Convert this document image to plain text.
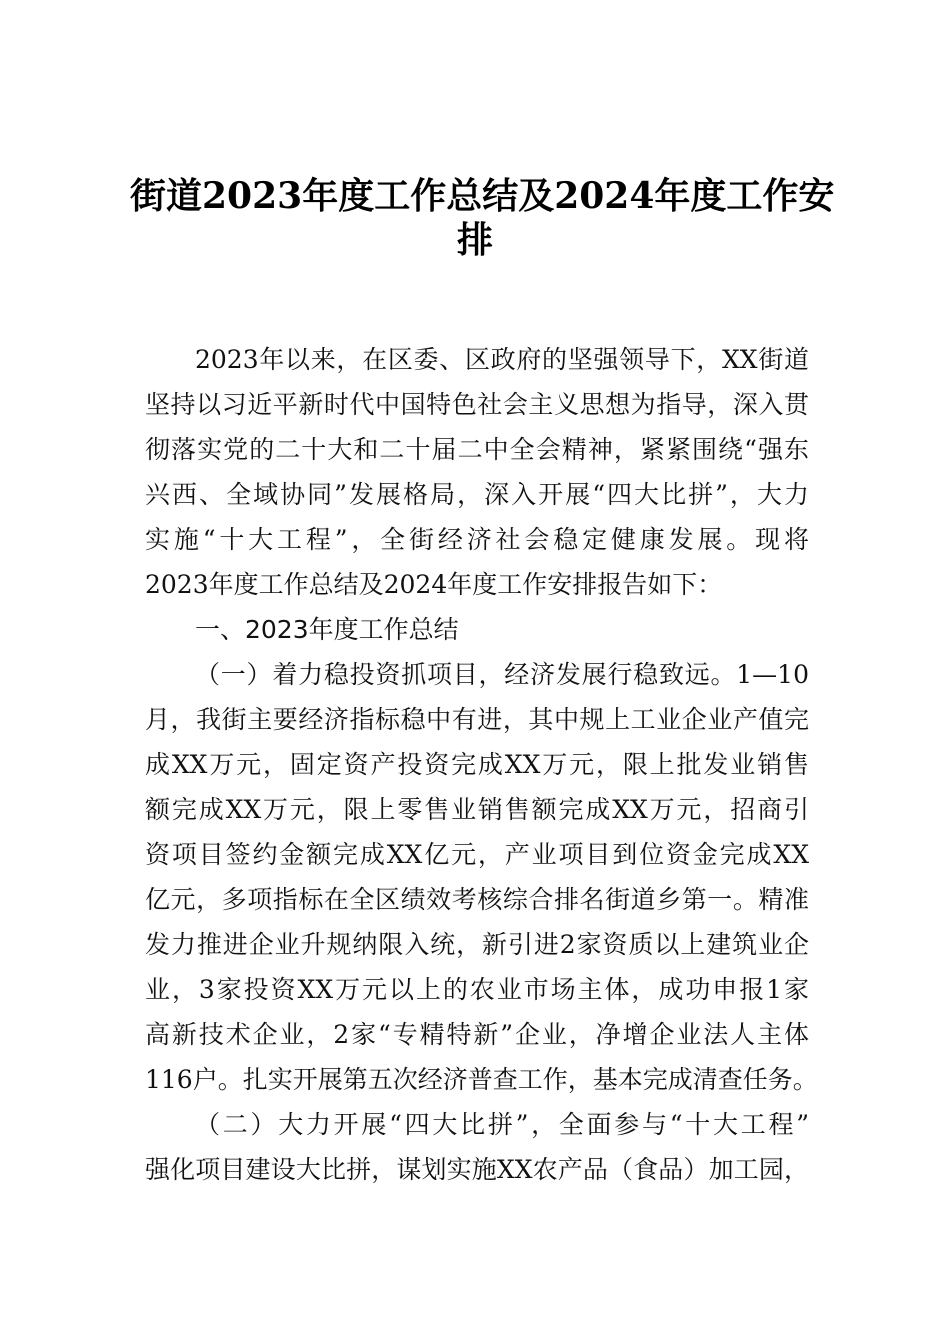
街道2023年度工作总结及2024年度工作安
排
2023年以来，在区委、区政府的坚强领导下，XX街道
坚持以习近平新时代中国特色社会主义思想为指导，深入贯
彻落实党的二十大和二十届二中全会精神，紧紧围绕“强东
兴西、全域协同”发展格局，深入开展“四大比拼”，大力
实施“十大工程”，全街经济社会稳定健康发展。现将
2023年度工作总结及2024年度工作安排报告如下：
一、2023年度工作总结
（一）着力稳投资抓项目，经济发展行稳致远。1—10
月，我街主要经济指标稳中有进，其中规上工业企业产值完
成XX万元，固定资产投资完成XX万元，限上批发业销售
额完成XX万元，限上零售业销售额完成XX万元，招商引
资项目签约金额完成XX亿元，产业项目到位资金完成XX
亿元，多项指标在全区绩效考核综合排名街道乡第一。精准
发力推进企业升规纳限入统，新引进2家资质以上建筑业企
业，3家投资XX万元以上的农业市场主体，成功申报1家
高新技术企业，2家“专精特新”企业，净增企业法人主体
116户。扎实开展第五次经济普查工作，基本完成清查任务。
（二）大力开展“四大比拼”，全面参与“十大工程”
强化项目建设大比拼，谋划实施XX农产品（食品）加工园，
